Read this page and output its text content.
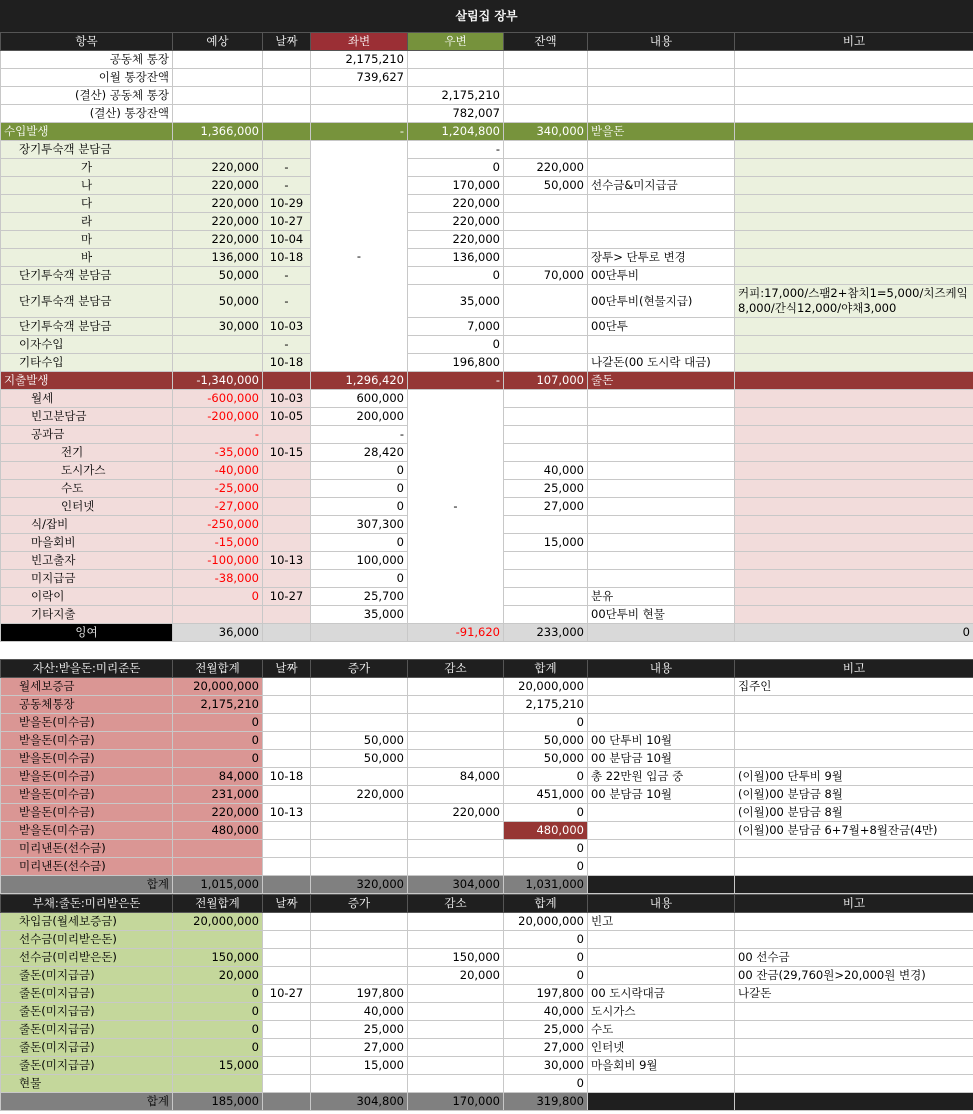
살림집 장부
항목	예상	날짜	좌변	우변	잔액	내용	비고
공동체 통장			2,175,210				
이월 통장잔액			739,627				
(결산) 공동체 통장				2,175,210			
(결산) 통장잔액				782,007			
수입발생	1,366,000		-	1,204,800	340,000	받을돈	
장기투숙객 분담금			-	-			
가	220,000	-		0	220,000		
나	220,000	-		170,000	50,000	선수금&미지급금	
다	220,000	10-29		220,000			
라	220,000	10-27		220,000			
마	220,000	10-04		220,000			
바	136,000	10-18		136,000		장투> 단투로 변경	
단기투숙객 분담금	50,000	-		0	70,000	00단투비	
단기투숙객 분담금	50,000	-		35,000		00단투비(현물지급)	커피:17,000/스팸2+참치1=5,000/치즈케잌8,000/간식12,000/야채3,000
단기투숙객 분담금	30,000	10-03		7,000		00단투	
이자수입		-		0			
기타수입		10-18		196,800		나갈돈(00 도시락 대금)	
지출발생	-1,340,000		1,296,420	-	107,000	줄돈	
월세	-600,000	10-03	600,000	-			
빈고분담금	-200,000	10-05	200,000				
공과금	-		-				
전기	-35,000	10-15	28,420				
도시가스	-40,000		0		40,000		
수도	-25,000		0		25,000		
인터넷	-27,000		0		27,000		
식/잡비	-250,000		307,300				
마을회비	-15,000		0		15,000		
빈고출자	-100,000	10-13	100,000				
미지급금	-38,000		0				
이락이	0	10-27	25,700			분유	
기타지출			35,000			00단투비 현물	
잉여	36,000			-91,620	233,000		0

자산:받을돈:미리준돈	전월합계	날짜	증가	감소	합계	내용	비고
월세보증금	20,000,000				20,000,000		집주인
공동체통장	2,175,210				2,175,210		
받을돈(미수금)	0				0		
받을돈(미수금)	0		50,000		50,000	00 단투비 10월	
받을돈(미수금)	0		50,000		50,000	00 분담금 10월	
받을돈(미수금)	84,000	10-18		84,000	0	총 22만원 입금 중	(이월)00 단투비 9월
받을돈(미수금)	231,000		220,000		451,000	00 분담금 10월	(이월)00 분담금 8월
받을돈(미수금)	220,000	10-13		220,000	0		(이월)00 분담금 8월
받을돈(미수금)	480,000				480,000		(이월)00 분담금 6+7월+8월잔금(4만)
미리낸돈(선수금)					0		
미리낸돈(선수금)					0		
합계	1,015,000		320,000	304,000	1,031,000		
부채:줄돈:미리받은돈	전월합계	날짜	증가	감소	합계	내용	비고
차입금(월세보증금)	20,000,000				20,000,000	빈고	
선수금(미리받은돈)					0		
선수금(미리받은돈)	150,000			150,000	0		00 선수금
줄돈(미지급금)	20,000			20,000	0		00 잔금(29,760원>20,000원 변경)
줄돈(미지급금)	0	10-27	197,800		197,800	00 도시락대금	나갈돈
줄돈(미지급금)	0		40,000		40,000	도시가스	
줄돈(미지급금)	0		25,000		25,000	수도	
줄돈(미지급금)	0		27,000		27,000	인터넷	
줄돈(미지급금)	15,000		15,000		30,000	마을회비 9월	
현물					0		
합계	185,000		304,800	170,000	319,800		
